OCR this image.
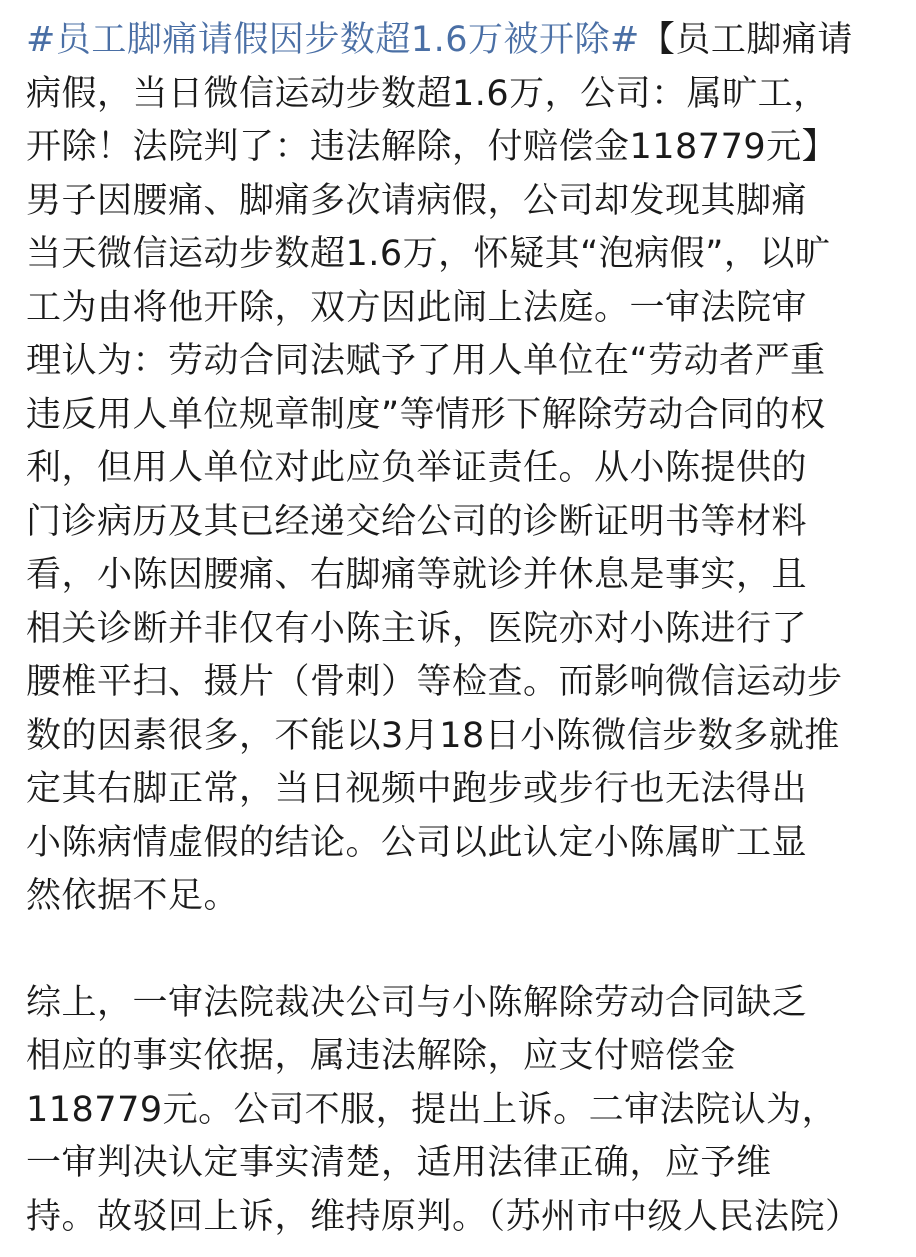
#员工脚痛请假因步数超1.6万被开除#【员工脚痛请
病假，当日微信运动步数超1.6万，公司：属旷工，
开除！法院判了：违法解除，付赔偿金118779元】
男子因腰痛、脚痛多次请病假，公司却发现其脚痛
当天微信运动步数超1.6万，怀疑其“泡病假”，以旷
工为由将他开除，双方因此闹上法庭。一审法院审
理认为：劳动合同法赋予了用人单位在“劳动者严重
违反用人单位规章制度”等情形下解除劳动合同的权
利，但用人单位对此应负举证责任。从小陈提供的
门诊病历及其已经递交给公司的诊断证明书等材料
看，小陈因腰痛、右脚痛等就诊并休息是事实，且
相关诊断并非仅有小陈主诉，医院亦对小陈进行了
腰椎平扫、摄片（骨刺）等检查。而影响微信运动步
数的因素很多，不能以3月18日小陈微信步数多就推
定其右脚正常，当日视频中跑步或步行也无法得出
小陈病情虚假的结论。公司以此认定小陈属旷工显
然依据不足。

综上，一审法院裁决公司与小陈解除劳动合同缺乏
相应的事实依据，属违法解除，应支付赔偿金
118779元。公司不服，提出上诉。二审法院认为，
一审判决认定事实清楚，适用法律正确，应予维
持。故驳回上诉，维持原判。（苏州市中级人民法院）
